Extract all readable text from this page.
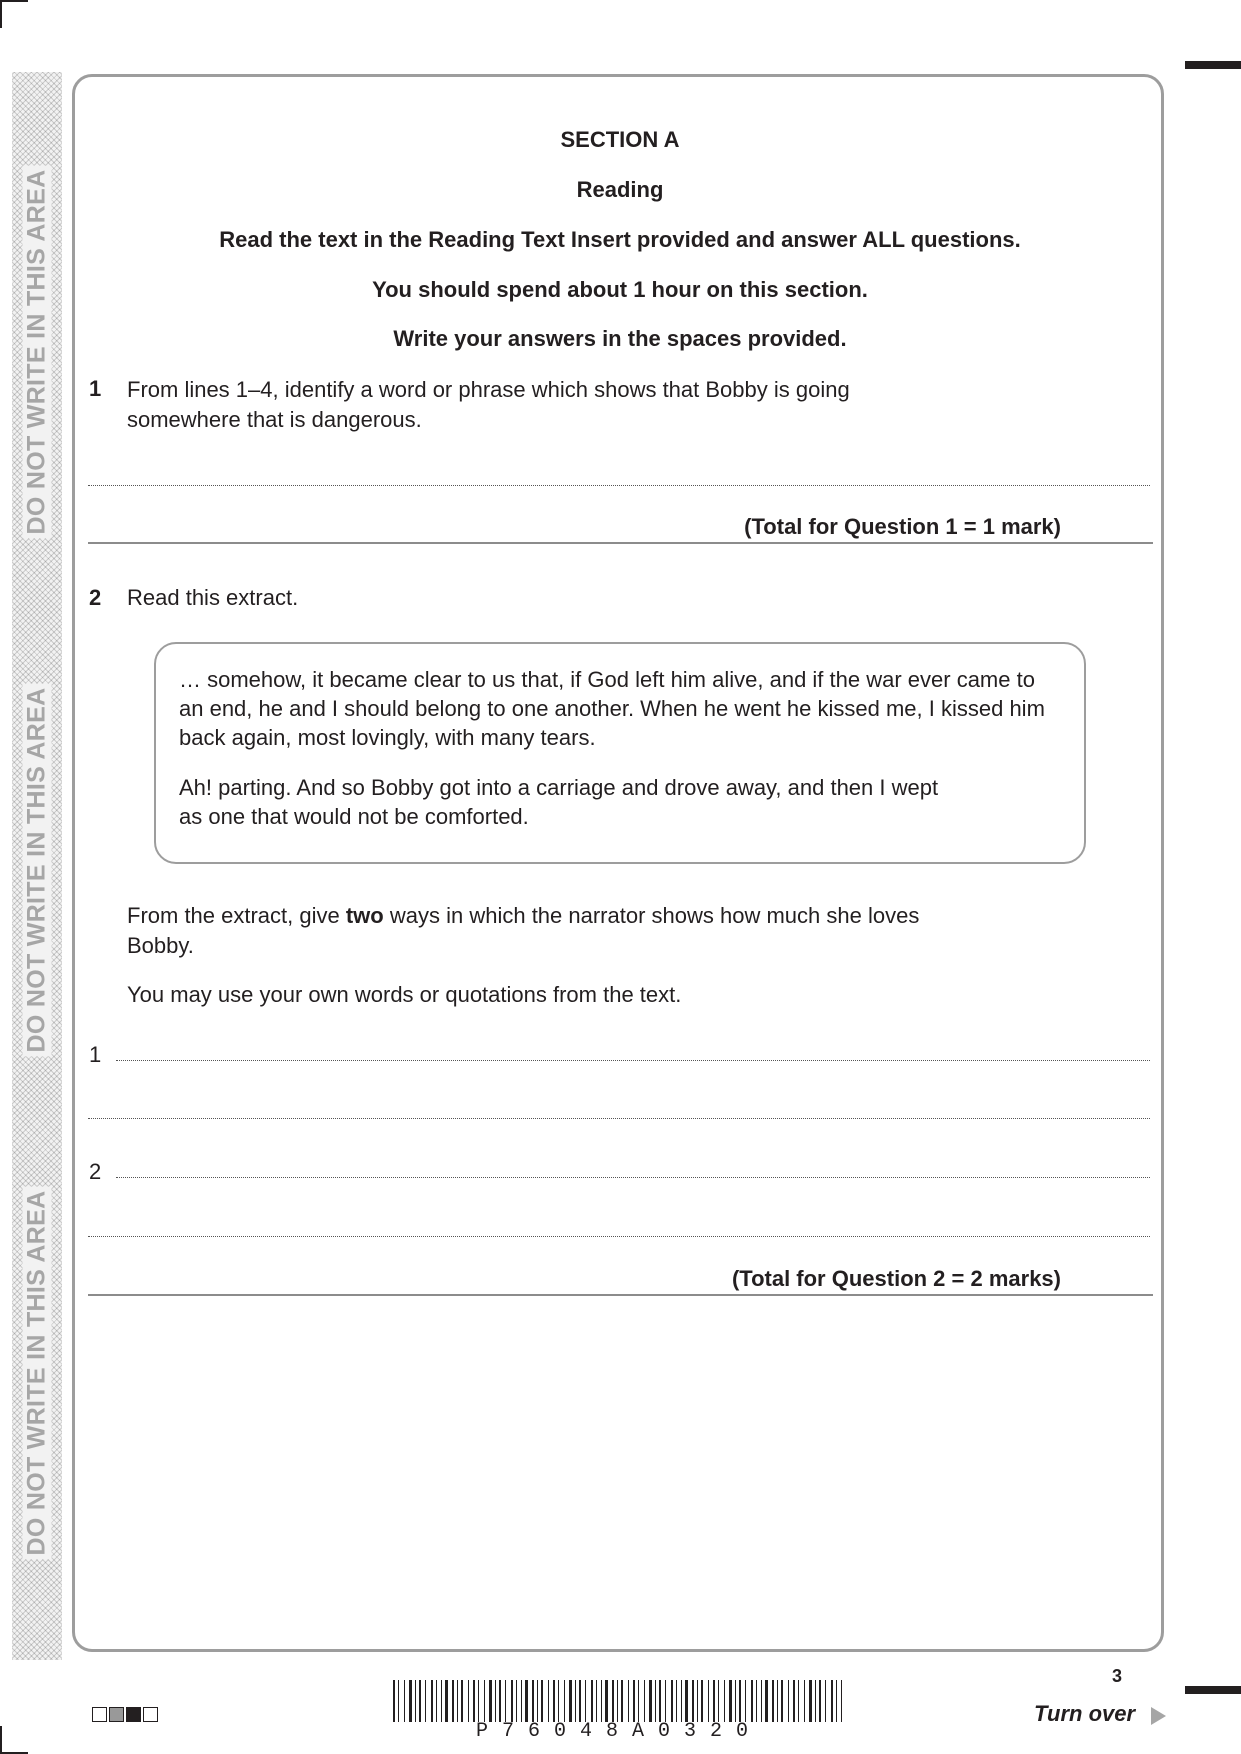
DO NOT WRITE IN THIS AREA
DO NOT WRITE IN THIS AREA
DO NOT WRITE IN THIS AREA
SECTION A
Reading
Read the text in the Reading Text Insert provided and answer ALL questions.
You should spend about 1 hour on this section.
Write your answers in the spaces provided.
1 From lines 1–4, identify a word or phrase which shows that Bobby is going somewhere that is dangerous.
(Total for Question 1 = 1 mark)
2 Read this extract.
… somehow, it became clear to us that, if God left him alive, and if the war ever came to an end, he and I should belong to one another. When he went he kissed me, I kissed him back again, most lovingly, with many tears.
Ah! parting. And so Bobby got into a carriage and drove away, and then I wept as one that would not be comforted.
From the extract, give two ways in which the narrator shows how much she loves Bobby.
You may use your own words or quotations from the text.
1
2
(Total for Question 2 = 2 marks)
P76048A0320
3
Turn over
